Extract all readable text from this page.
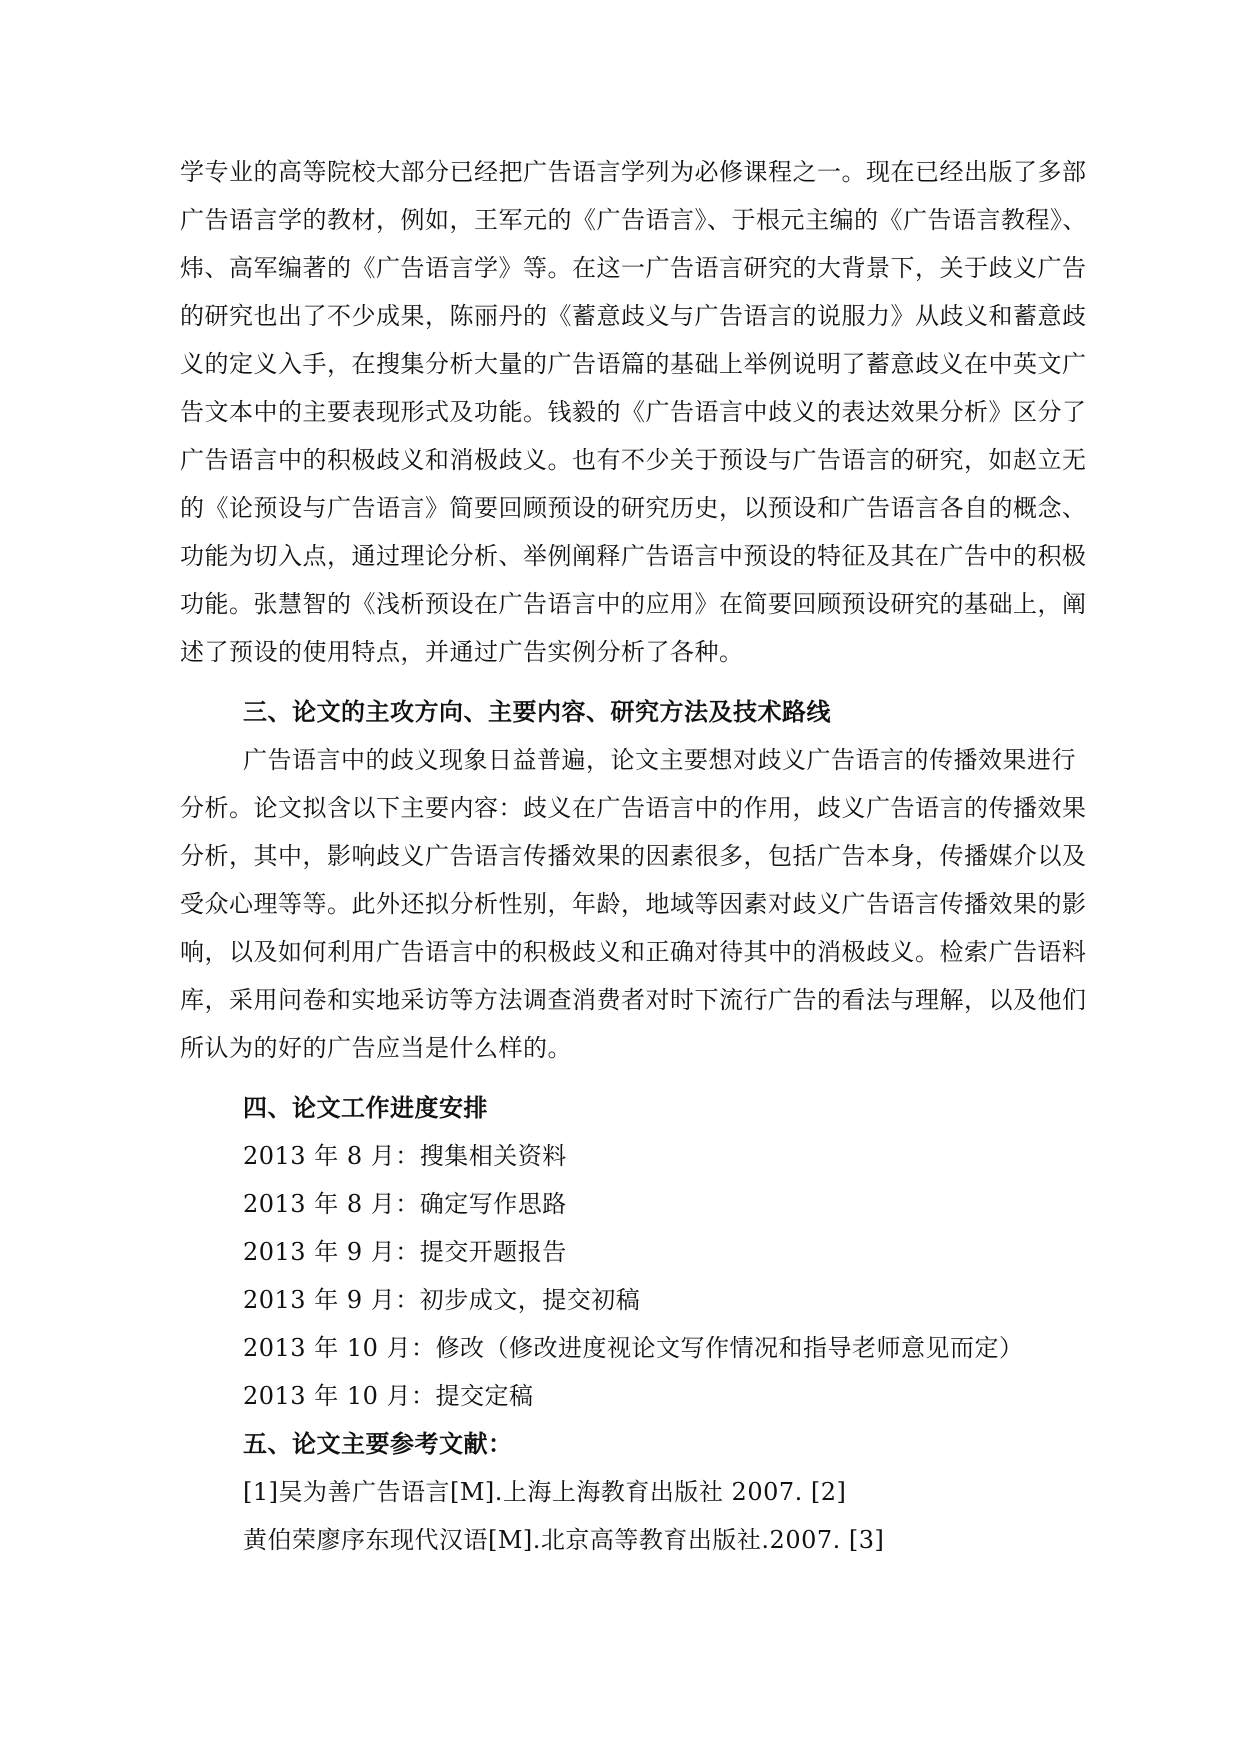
学专业的高等院校大部分已经把广告语言学列为必修课程之一。现在已经出版了多部
广告语言学的教材，例如，王军元的《广告语言》、于根元主编的《广告语言教程》、
炜、高军编著的《广告语言学》等。在这一广告语言研究的大背景下，关于歧义广告
的研究也出了不少成果，陈丽丹的《蓄意歧义与广告语言的说服力》从歧义和蓄意歧
义的定义入手，在搜集分析大量的广告语篇的基础上举例说明了蓄意歧义在中英文广
告文本中的主要表现形式及功能。钱毅的《广告语言中歧义的表达效果分析》区分了
广告语言中的积极歧义和消极歧义。也有不少关于预设与广告语言的研究，如赵立无
的《论预设与广告语言》简要回顾预设的研究历史，以预设和广告语言各自的概念、
功能为切入点，通过理论分析、举例阐释广告语言中预设的特征及其在广告中的积极
功能。张慧智的《浅析预设在广告语言中的应用》在简要回顾预设研究的基础上，阐
述了预设的使用特点，并通过广告实例分析了各种。
三、论文的主攻方向、主要内容、研究方法及技术路线
广告语言中的歧义现象日益普遍，论文主要想对歧义广告语言的传播效果进行
分析。论文拟含以下主要内容：歧义在广告语言中的作用，歧义广告语言的传播效果
分析，其中，影响歧义广告语言传播效果的因素很多，包括广告本身，传播媒介以及
受众心理等等。此外还拟分析性别，年龄，地域等因素对歧义广告语言传播效果的影
响，以及如何利用广告语言中的积极歧义和正确对待其中的消极歧义。检索广告语料
库，采用问卷和实地采访等方法调查消费者对时下流行广告的看法与理解，以及他们
所认为的好的广告应当是什么样的。
四、论文工作进度安排
2013 年 8 月：搜集相关资料
2013 年 8 月：确定写作思路
2013 年 9 月：提交开题报告
2013 年 9 月：初步成文，提交初稿
2013 年 10 月：修改（修改进度视论文写作情况和指导老师意见而定）
2013 年 10 月：提交定稿
五、论文主要参考文献：
[1]吴为善广告语言[M].上海上海教育出版社 2007. [2]
黄伯荣廖序东现代汉语[M].北京高等教育出版社.2007. [3]
